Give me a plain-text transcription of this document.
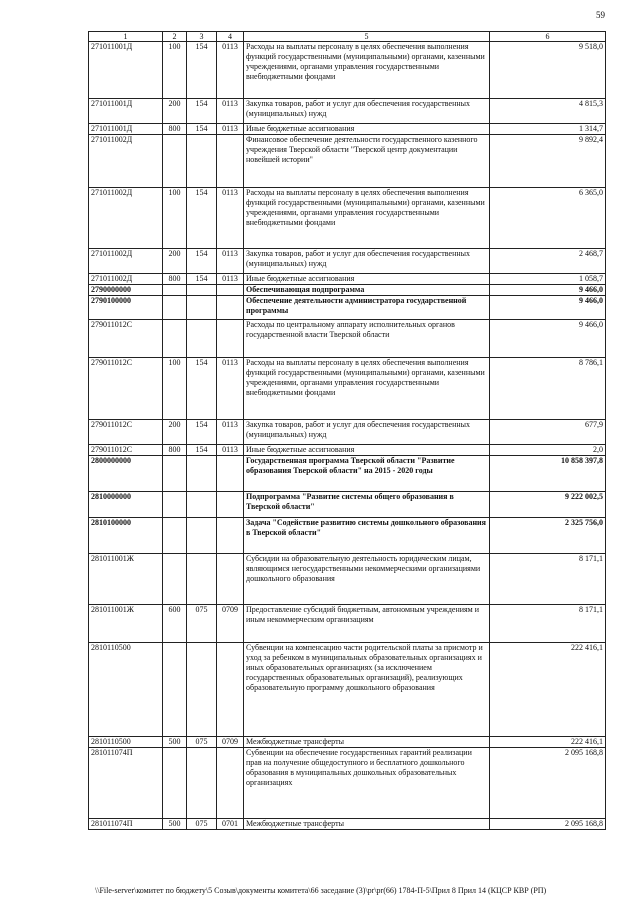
59
1	2	3	4	5	6
271011001Д	100	154	0113	Расходы на выплаты персоналу в целях обеспечения выполнения функций государственными (муниципальными) органами, казенными учреждениями, органами управления государственными внебюджетными фондами	9 518,0
271011001Д	200	154	0113	Закупка товаров, работ и услуг для обеспечения государственных (муниципальных) нужд	4 815,3
271011001Д	800	154	0113	Иные бюджетные ассигнования	1 314,7
271011002Д				Финансовое обеспечение деятельности государственного казенного учреждения Тверской области "Тверской центр документации новейшей истории"	9 892,4
271011002Д	100	154	0113	Расходы на выплаты персоналу в целях обеспечения выполнения функций государственными (муниципальными) органами, казенными учреждениями, органами управления государственными внебюджетными фондами	6 365,0
271011002Д	200	154	0113	Закупка товаров, работ и услуг для обеспечения государственных (муниципальных) нужд	2 468,7
271011002Д	800	154	0113	Иные бюджетные ассигнования	1 058,7
2790000000				Обеспечивающая подпрограмма	9 466,0
2790100000				Обеспечение деятельности администратора государственной программы	9 466,0
279011012С				Расходы по центральному аппарату исполнительных органов государственной власти Тверской области	9 466,0
279011012С	100	154	0113	Расходы на выплаты персоналу в целях обеспечения выполнения функций государственными (муниципальными) органами, казенными учреждениями, органами управления государственными внебюджетными фондами	8 786,1
279011012С	200	154	0113	Закупка товаров, работ и услуг для обеспечения государственных (муниципальных) нужд	677,9
279011012С	800	154	0113	Иные бюджетные ассигнования	2,0
2800000000				Государственная программа Тверской области "Развитие образования Тверской области" на 2015 - 2020 годы	10 858 397,8
2810000000				Подпрограмма "Развитие системы общего образования в Тверской области"	9 222 002,5
2810100000				Задача "Содействие развитию системы дошкольного образования в Тверской области"	2 325 756,0
281011001Ж				Субсидии на образовательную деятельность юридическим лицам, являющимся негосударственными некоммерческими организациями дошкольного образования	8 171,1
281011001Ж	600	075	0709	Предоставление субсидий бюджетным, автономным учреждениям и иным некоммерческим организациям	8 171,1
2810110500				Субвенции на компенсацию части родительской платы за присмотр и уход за ребенком в муниципальных образовательных организациях и иных образовательных организациях (за исключением государственных образовательных организаций), реализующих образовательную программу дошкольного образования	222 416,1
2810110500	500	075	0709	Межбюджетные трансферты	222 416,1
281011074П				Субвенции на обеспечение государственных гарантий реализации прав на получение общедоступного и бесплатного дошкольного образования в муниципальных дошкольных образовательных организациях	2 095 168,8
281011074П	500	075	0701	Межбюджетные трансферты	2 095 168,8
\\File-server\комитет по бюджету\5 Созыв\документы комитета\66 заседание (3)\pr\pr(66) 1784-П-5\Прил 8 Прил 14 (КЦСР КВР (РП)
